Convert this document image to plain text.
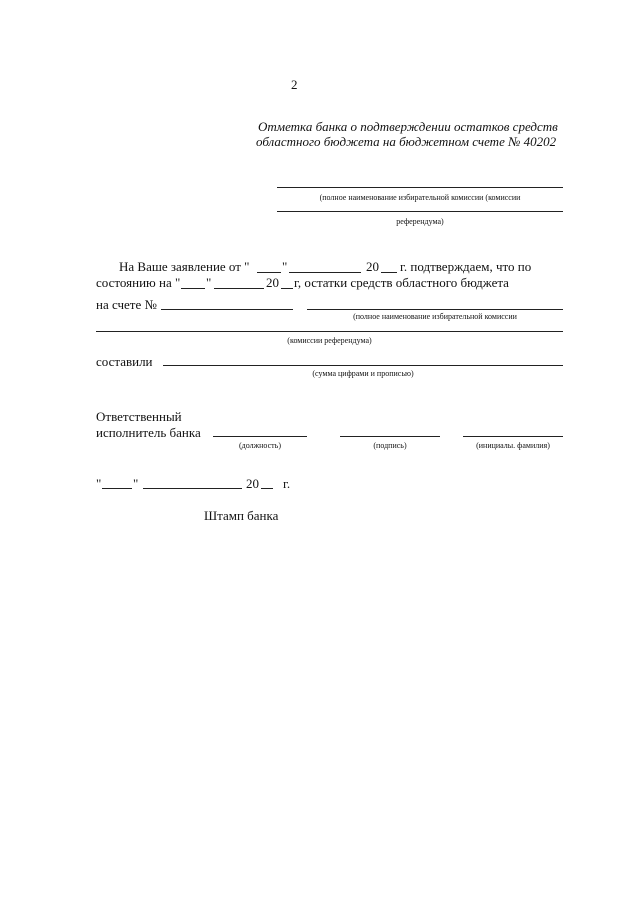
2
Отметка банка о подтверждении остатков средств
областного бюджета на бюджетном счете № 40202
(полное наименование избирательной комиссии (комиссии
референдума)
На Ваше заявление от "	"	20 г. подтверждаем, что по
состоянию на " "	20 г, остатки средств областного бюджета
на счете №
(полное наименование избирательной комиссии
(комиссии референдума)
составили
(сумма цифрами и прописью)
Ответственный
исполнитель банка
(должность)	(подпись)	(инициалы. фамилия)
" "	20 г.
Штамп банка
